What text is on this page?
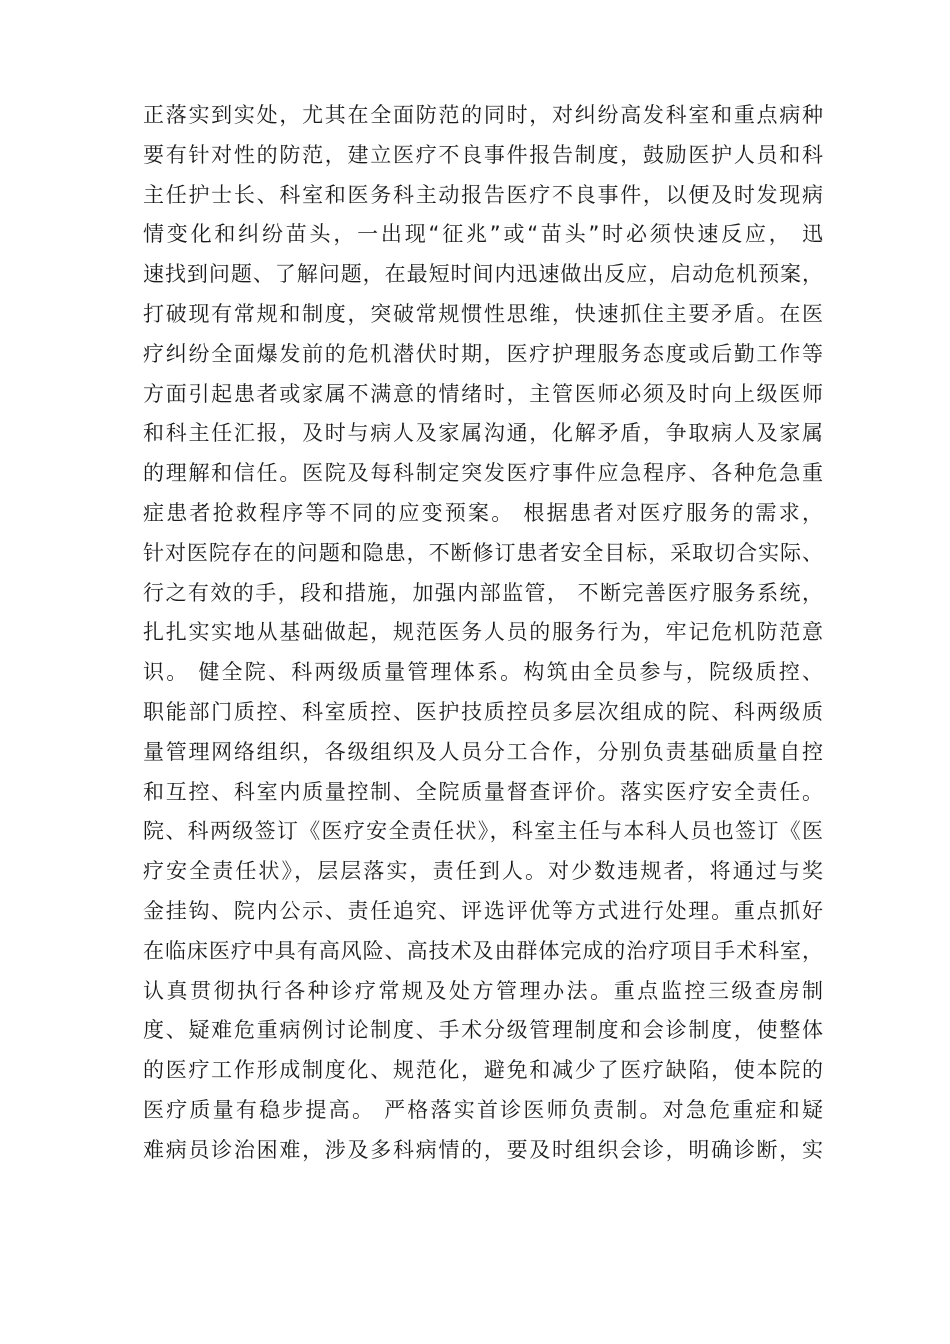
正落实到实处，尤其在全面防范的同时，对纠纷高发科室和重点病种
要有针对性的防范，建立医疗不良事件报告制度，鼓励医护人员和科
主任护士长、科室和医务科主动报告医疗不良事件，以便及时发现病
情变化和纠纷苗头，一出现“征兆”或“苗头”时必须快速反应， 迅
速找到问题、了解问题，在最短时间内迅速做出反应，启动危机预案，
打破现有常规和制度，突破常规惯性思维，快速抓住主要矛盾。在医
疗纠纷全面爆发前的危机潜伏时期，医疗护理服务态度或后勤工作等
方面引起患者或家属不满意的情绪时，主管医师必须及时向上级医师
和科主任汇报，及时与病人及家属沟通，化解矛盾，争取病人及家属
的理解和信任。医院及每科制定突发医疗事件应急程序、各种危急重
症患者抢救程序等不同的应变预案。 根据患者对医疗服务的需求，
针对医院存在的问题和隐患，不断修订患者安全目标，采取切合实际、
行之有效的手，段和措施，加强内部监管， 不断完善医疗服务系统，
扎扎实实地从基础做起，规范医务人员的服务行为，牢记危机防范意
识。 健全院、科两级质量管理体系。构筑由全员参与，院级质控、
职能部门质控、科室质控、医护技质控员多层次组成的院、科两级质
量管理网络组织，各级组织及人员分工合作，分别负责基础质量自控
和互控、科室内质量控制、全院质量督查评价。落实医疗安全责任。
院、科两级签订《医疗安全责任状》，科室主任与本科人员也签订《医
疗安全责任状》，层层落实，责任到人。对少数违规者，将通过与奖
金挂钩、院内公示、责任追究、评选评优等方式进行处理。重点抓好
在临床医疗中具有高风险、高技术及由群体完成的治疗项目手术科室，
认真贯彻执行各种诊疗常规及处方管理办法。重点监控三级查房制
度、疑难危重病例讨论制度、手术分级管理制度和会诊制度，使整体
的医疗工作形成制度化、规范化，避免和减少了医疗缺陷，使本院的
医疗质量有稳步提高。 严格落实首诊医师负责制。对急危重症和疑
难病员诊治困难，涉及多科病情的，要及时组织会诊，明确诊断，实
